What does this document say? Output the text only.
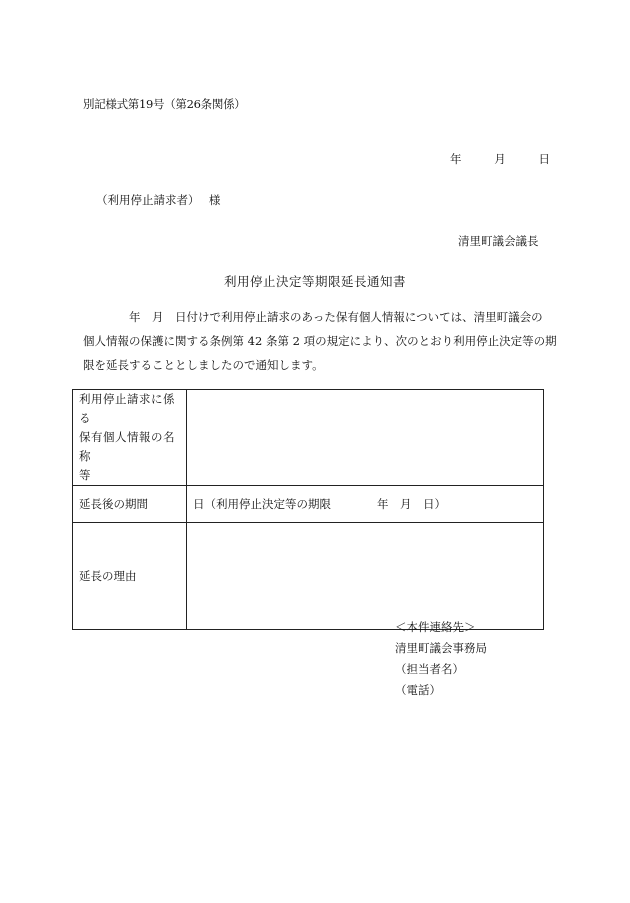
別記様式第19号（第26条関係）
年	月	日
（利用停止請求者）　 様
清里町議会議長
利用停止決定等期限延長通知書

　　　　年　月　日付けで利用停止請求のあった保有個人情報については、清里町議会の

個人情報の保護に関する条例第 42 条第 2 項の規定により、次のとおり利用停止決定等の期

限を延長することとしましたので通知します。

利用停止請求に係る
保有個人情報の名称
等	

延長後の期間	日（利用停止決定等の期限　　　　年　月　日）
延長の理由	
＜本件連絡先＞
清里町議会事務局
（担当者名）
（電話）
